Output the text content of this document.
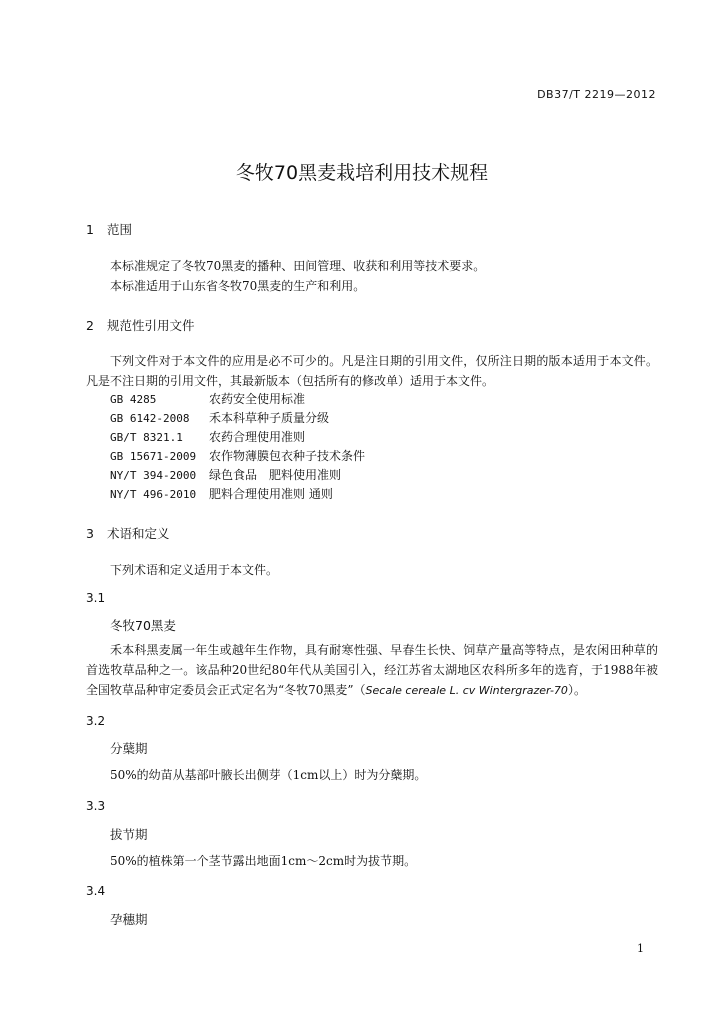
DB37/T 2219—2012
冬牧70黑麦栽培利用技术规程
1 范围
本标准规定了冬牧70黑麦的播种、田间管理、收获和利用等技术要求。
本标准适用于山东省冬牧70黑麦的生产和利用。
2 规范性引用文件
下列文件对于本文件的应用是必不可少的。凡是注日期的引用文件，仅所注日期的版本适用于本文件。凡是不注日期的引用文件，其最新版本（包括所有的修改单）适用于本文件。
GB 4285	农药安全使用标准
GB 6142-2008 禾本科草种子质量分级
GB/T 8321.1 农药合理使用准则
GB 15671-2009 农作物薄膜包衣种子技术条件
NY/T 394-2000 绿色食品　肥料使用准则
NY/T 496-2010 肥料合理使用准则 通则
3 术语和定义
下列术语和定义适用于本文件。
3.1
冬牧70黑麦
禾本科黑麦属一年生或越年生作物，具有耐寒性强、早春生长快、饲草产量高等特点，是农闲田种草的首选牧草品种之一。该品种20世纪80年代从美国引入，经江苏省太湖地区农科所多年的选育，于1988年被全国牧草品种审定委员会正式定名为“冬牧70黑麦”（Secale cereale L. cv Wintergrazer-70）。
3.2
分蘖期
50%的幼苗从基部叶腋长出侧芽（1cm以上）时为分蘖期。
3.3
拔节期
50%的植株第一个茎节露出地面1cm～2cm时为拔节期。
3.4
孕穗期
1
